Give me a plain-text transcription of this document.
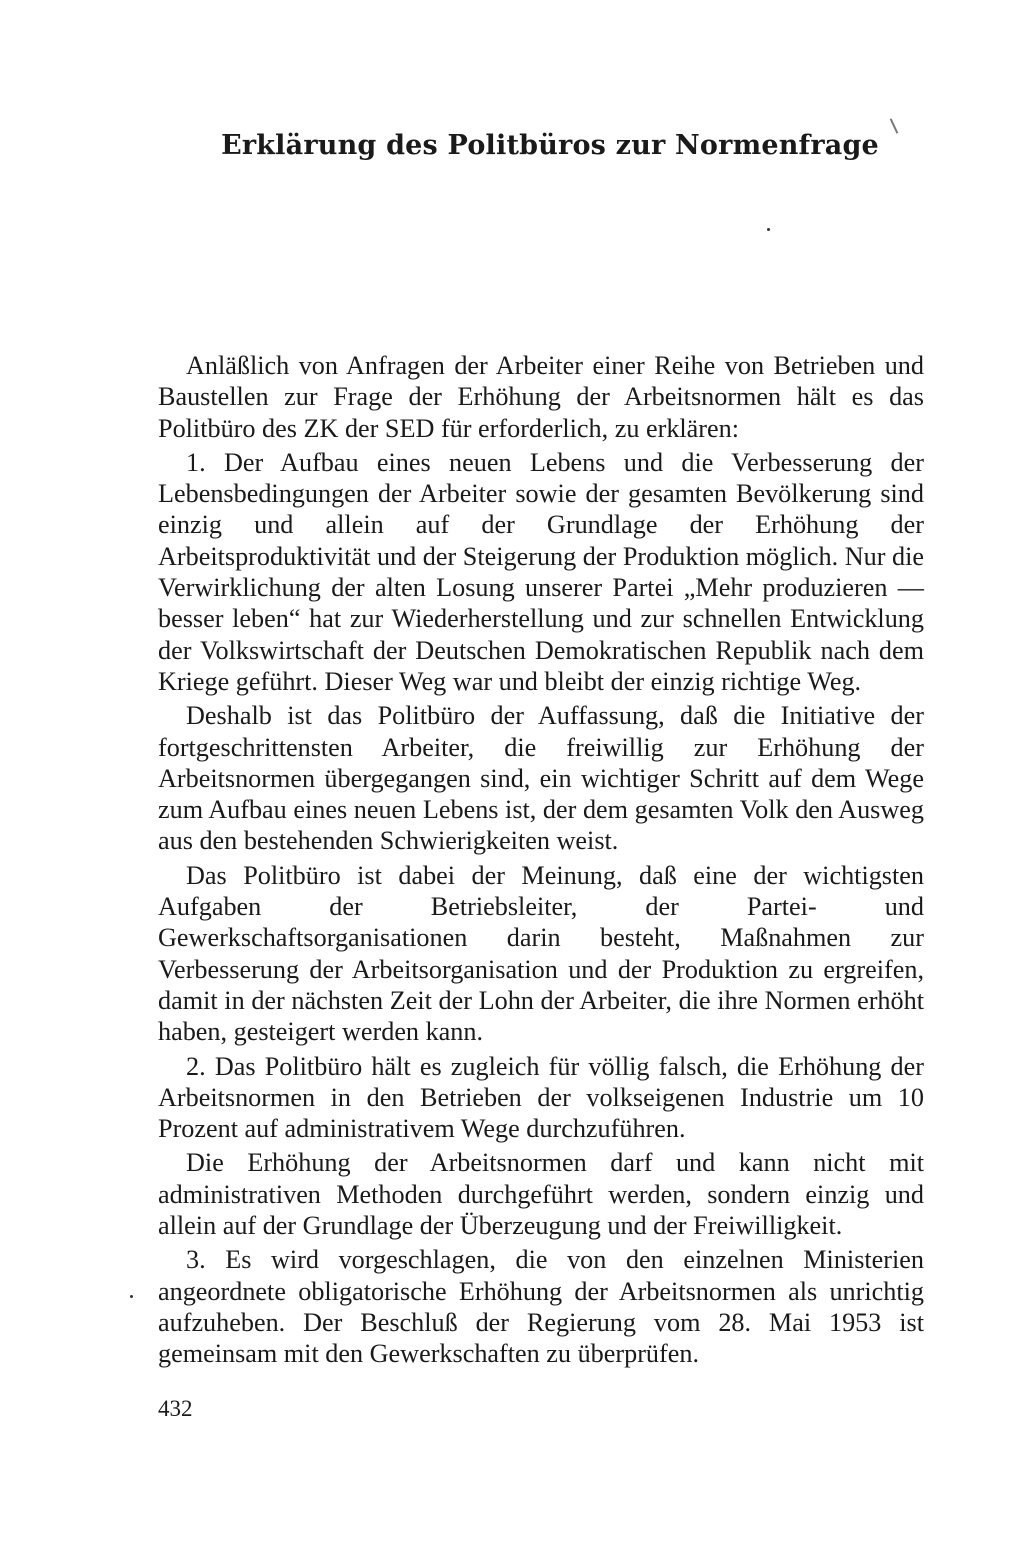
Erklärung des Politbüros zur Normenfrage

Anläßlich von Anfragen der Arbeiter einer Reihe von Betrieben und Baustellen zur Frage der Erhöhung der Arbeitsnormen hält es das Politbüro des ZK der SED für erforderlich, zu erklären:

1. Der Aufbau eines neuen Lebens und die Verbesserung der Lebensbedingungen der Arbeiter sowie der gesamten Bevölkerung sind einzig und allein auf der Grundlage der Erhöhung der Arbeitsproduktivität und der Steigerung der Produktion möglich. Nur die Verwirklichung der alten Losung unserer Partei „Mehr produzieren — besser leben“ hat zur Wiederherstellung und zur schnellen Entwicklung der Volkswirtschaft der Deutschen Demokratischen Republik nach dem Kriege geführt. Dieser Weg war und bleibt der einzig richtige Weg.

Deshalb ist das Politbüro der Auffassung, daß die Initiative der fortgeschrittensten Arbeiter, die freiwillig zur Erhöhung der Arbeitsnormen übergegangen sind, ein wichtiger Schritt auf dem Wege zum Aufbau eines neuen Lebens ist, der dem gesamten Volk den Ausweg aus den bestehenden Schwierigkeiten weist.

Das Politbüro ist dabei der Meinung, daß eine der wichtigsten Aufgaben der Betriebsleiter, der Partei- und Gewerkschaftsorganisationen darin besteht, Maßnahmen zur Verbesserung der Arbeitsorganisation und der Produktion zu ergreifen, damit in der nächsten Zeit der Lohn der Arbeiter, die ihre Normen erhöht haben, gesteigert werden kann.

2. Das Politbüro hält es zugleich für völlig falsch, die Erhöhung der Arbeitsnormen in den Betrieben der volkseigenen Industrie um 10 Prozent auf administrativem Wege durchzuführen.

Die Erhöhung der Arbeitsnormen darf und kann nicht mit administrativen Methoden durchgeführt werden, sondern einzig und allein auf der Grundlage der Überzeugung und der Freiwilligkeit.

3. Es wird vorgeschlagen, die von den einzelnen Ministerien angeordnete obligatorische Erhöhung der Arbeitsnormen als unrichtig aufzuheben. Der Beschluß der Regierung vom 28. Mai 1953 ist gemeinsam mit den Gewerkschaften zu überprüfen.

432
